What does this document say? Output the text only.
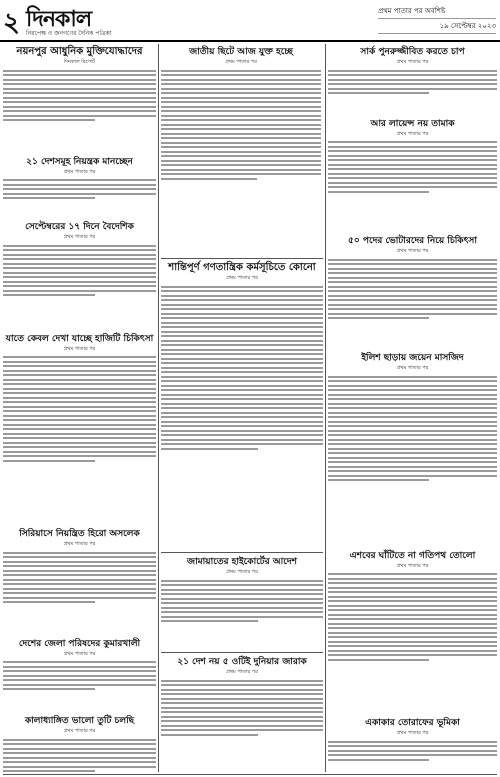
২ দিনকাল
নিরপেক্ষ ও জনগণের দৈনিক পত্রিকা
প্রথম পাতার পর অবশিষ্ট
১৯ সেপ্টেম্বর ২০২৩
নয়নপুর আধুনিক মুক্তিযোদ্ধাদের
দিনকাল রিপোর্ট
২১ দেশসমূহ নিয়ন্ত্রক মানচ্ছেন
প্রথম পাতার পর
সেপ্টেম্বরের ১৭ দিনে বৈদেশিক
প্রথম পাতার পর
যাতে কেবল দেখা যাচ্ছে হাজিটি চিকিৎসা
প্রথম পাতার পর
সিরিয়াসে নিয়ন্ত্রিত হিরো অসলেক
প্রথম পাতার পর
দেশের জেলা পরিষদের কুমারখালী
প্রথম পাতার পর
কালাধ্যাঙ্গিত ভালো তুটি চলছি
প্রথম পাতার পর
জাতীয় ছিটে আজ যুক্ত হচ্ছে
প্রথম পাতার পর
শান্তিপূর্ণ গণতান্ত্রিক কর্মসূচিতে কোনো
প্রথম পাতার পর
জামায়াতের হাইকোর্টের আদেশ
প্রথম পাতার পর
২১ দেশ নয় ৫ ওটিই দুনিয়ার জারাক
প্রথম পাতার পর
সার্ক পুনরুজ্জীবিত করতে চাপ
প্রথম পাতার পর
আর লায়েন্স নয় তামাক
প্রথম পাতার পর
৫০ পদের ভোটারদের নিয়ে চিকিৎসা
প্রথম পাতার পর
ইলিশ ছাড়ায় জয়েন মাসজিদ
প্রথম পাতার পর
এশবের ঘাঁটিতে না গতিপথ তোলো
প্রথম পাতার পর
একাকার তোরাফের ভূমিকা
প্রথম পাতার পর
